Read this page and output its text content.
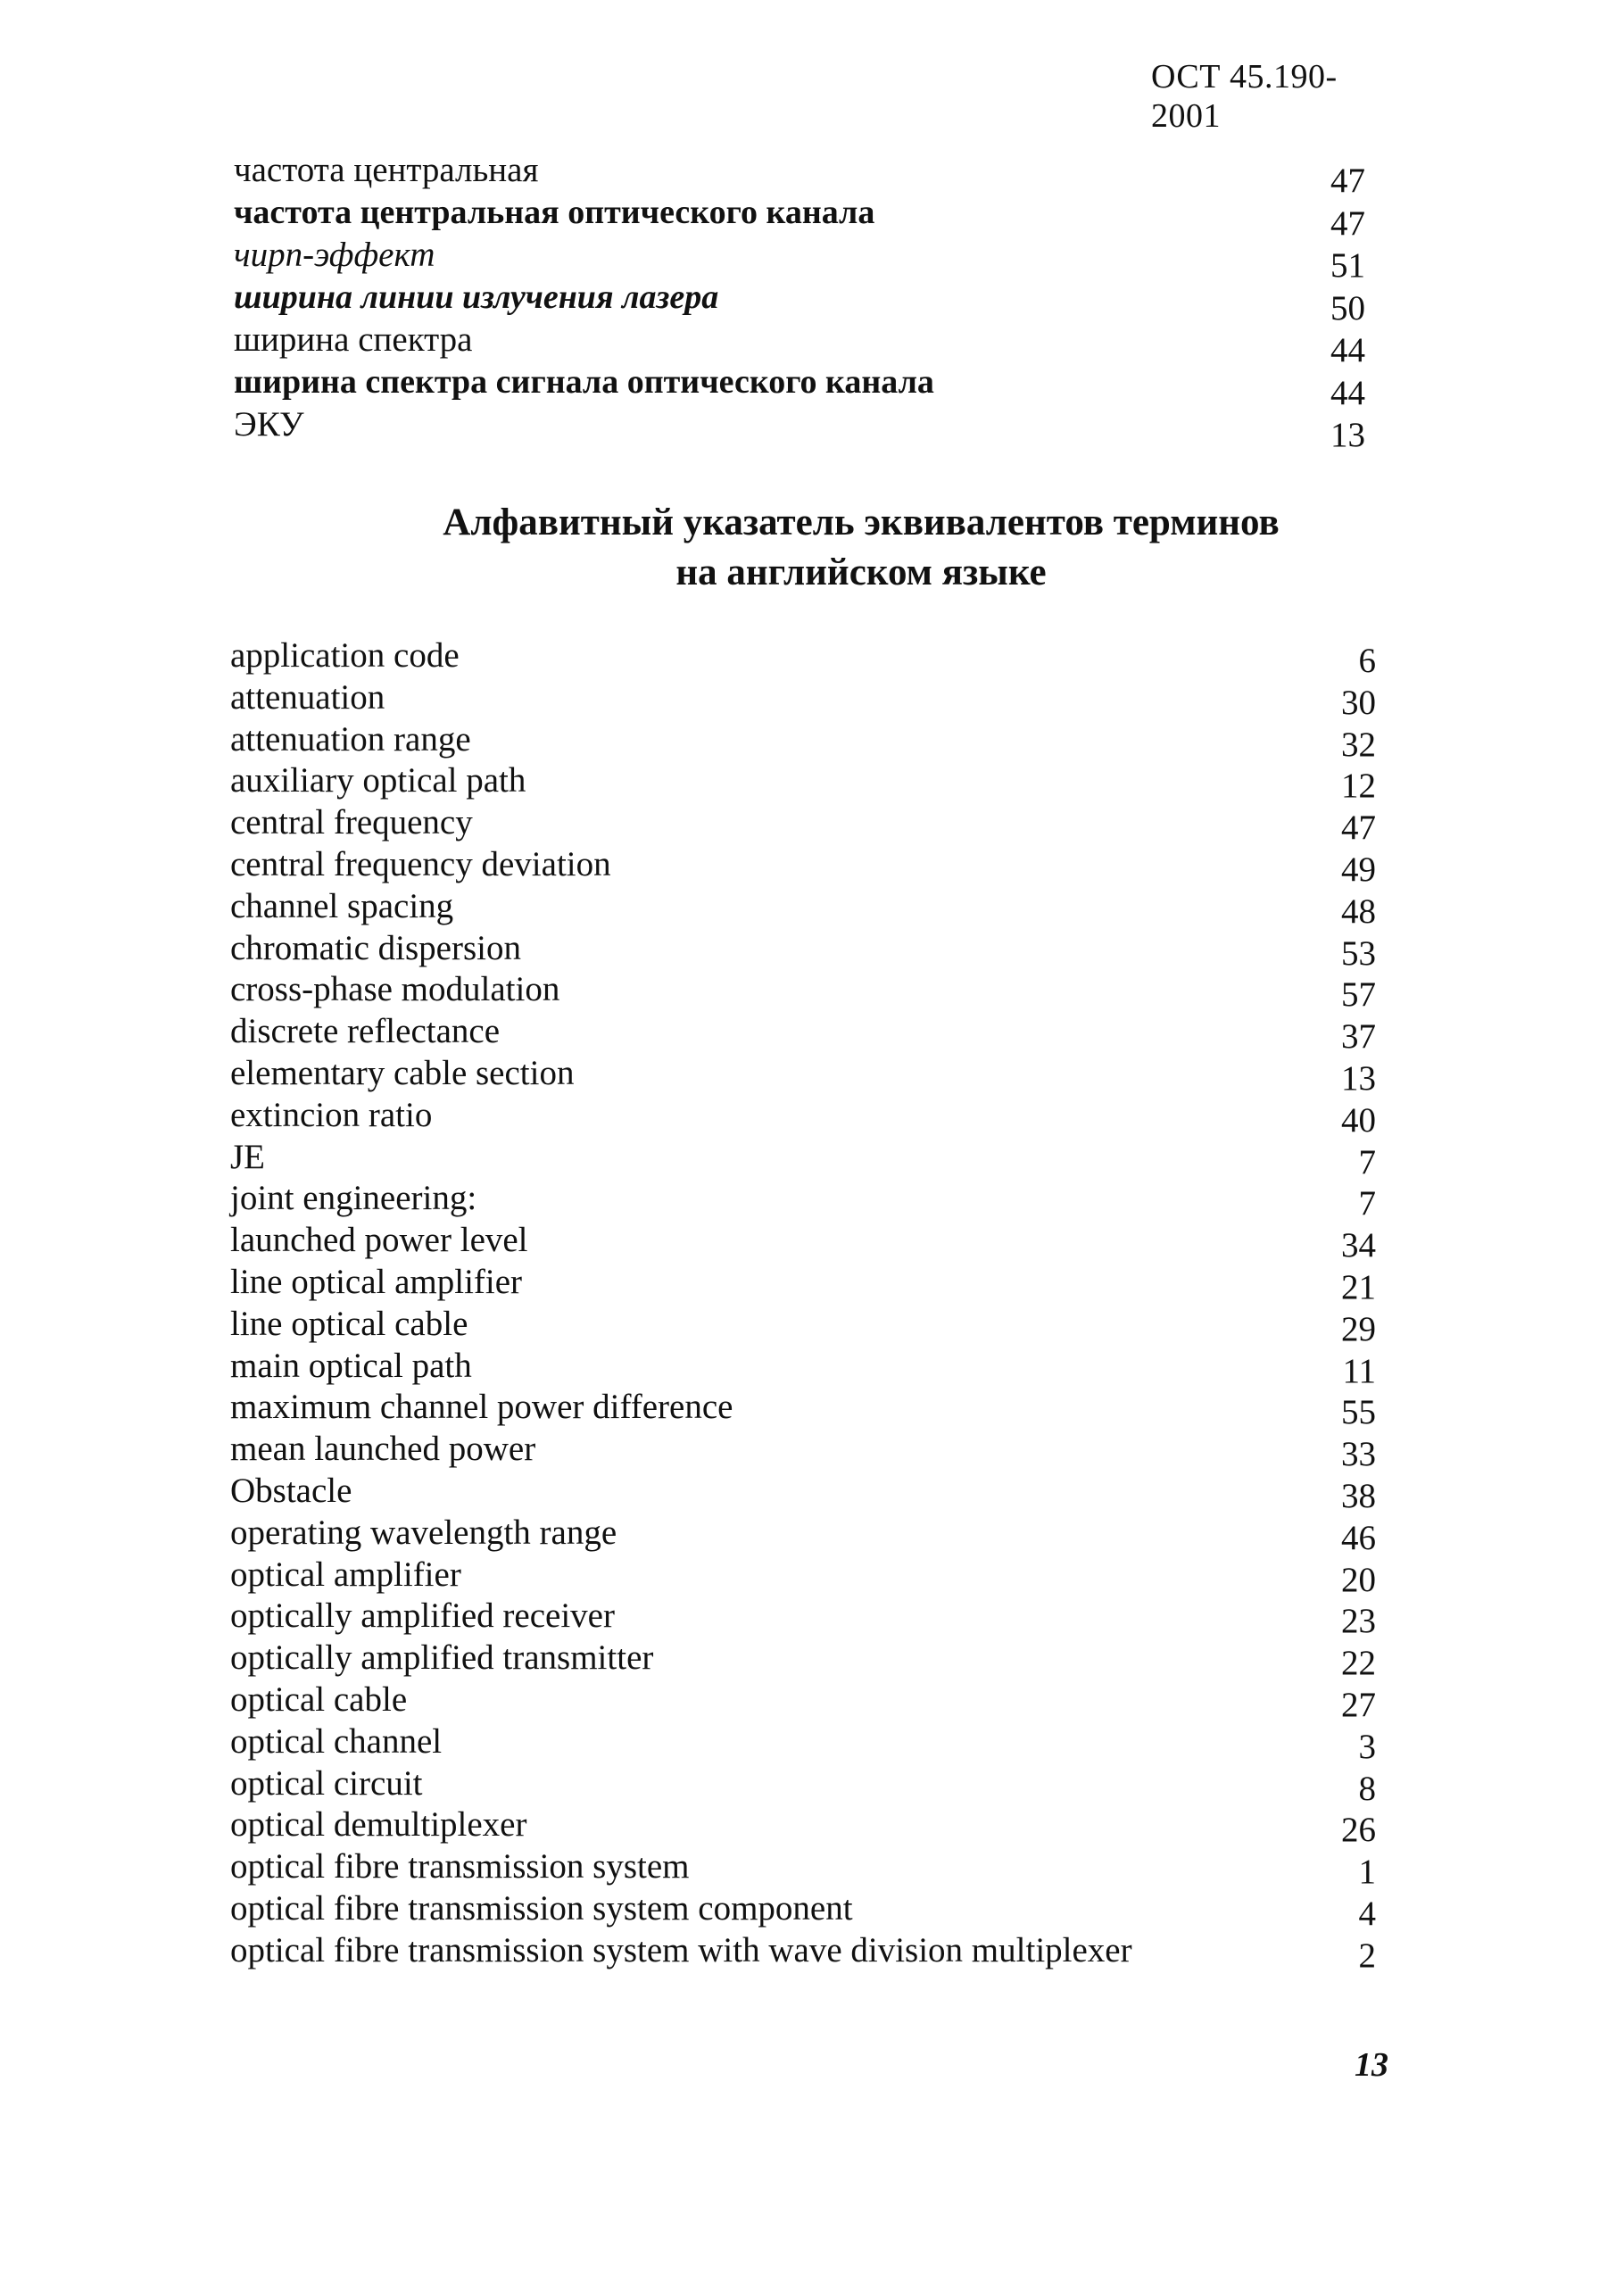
ОСТ 45.190-2001
частота центральная	47
частота центральная оптического канала	47
чирп-эффект	51
ширина линии излучения лазера	50
ширина спектра	44
ширина спектра сигнала оптического канала	44
ЭКУ	13
Алфавитный указатель эквивалентов терминов
на английском языке
application code	6
attenuation	30
attenuation range	32
auxiliary optical path	12
central frequency	47
central frequency deviation	49
channel spacing	48
chromatic dispersion	53
cross-phase modulation	57
discrete reflectance	37
elementary cable section	13
extincion ratio	40
JE	7
joint engineering:	7
launched power level	34
line optical amplifier	21
line optical cable	29
main optical path	11
maximum channel power difference	55
mean launched power	33
Obstacle	38
operating wavelength range	46
optical amplifier	20
optically amplified receiver	23
optically amplified transmitter	22
optical cable	27
optical channel	3
optical circuit	8
optical demultiplexer	26
optical fibre transmission system	1
optical fibre transmission system component	4
optical fibre transmission system with wave division multiplexer	2
13
